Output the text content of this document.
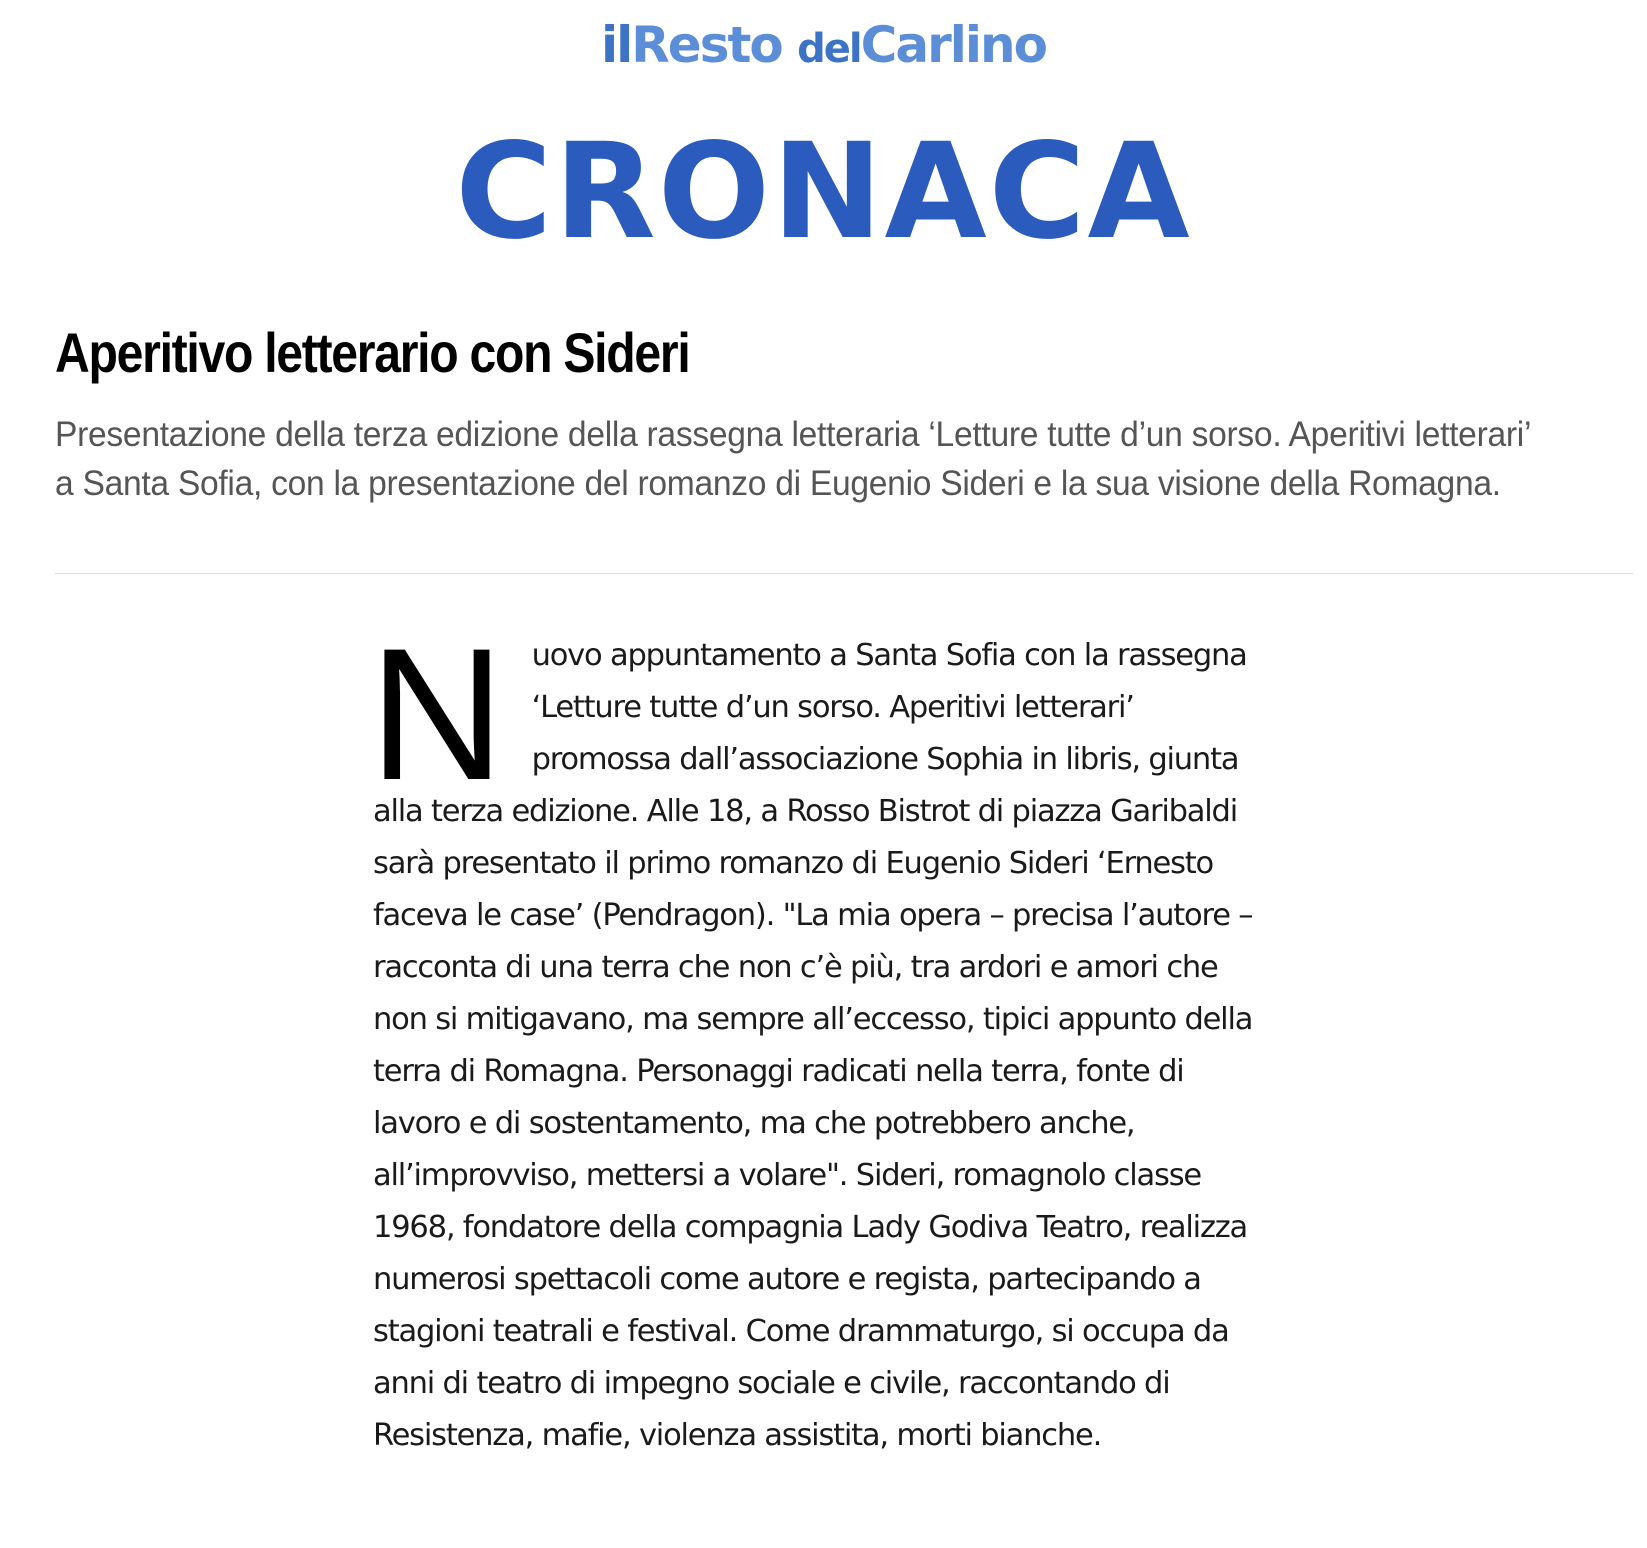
ilResto delCarlino
CRONACA
Aperitivo letterario con Sideri

Presentazione della terza edizione della rassegna letteraria ‘Letture tutte d’un sorso. Aperitivi letterari’ a Santa Sofia, con la presentazione del romanzo di Eugenio Sideri e la sua visione della Romagna.

N uovo appuntamento a Santa Sofia con la rassegna ‘Letture tutte d’un sorso. Aperitivi letterari’ promossa dall’associazione Sophia in libris, giunta alla terza edizione. Alle 18, a Rosso Bistrot di piazza Garibaldi sarà presentato il primo romanzo di Eugenio Sideri ‘Ernesto faceva le case’ (Pendragon). "La mia opera – precisa l’autore – racconta di una terra che non c’è più, tra ardori e amori che non si mitigavano, ma sempre all’eccesso, tipici appunto della terra di Romagna. Personaggi radicati nella terra, fonte di lavoro e di sostentamento, ma che potrebbero anche, all’improvviso, mettersi a volare". Sideri, romagnolo classe 1968, fondatore della compagnia Lady Godiva Teatro, realizza numerosi spettacoli come autore e regista, partecipando a stagioni teatrali e festival. Come drammaturgo, si occupa da anni di teatro di impegno sociale e civile, raccontando di Resistenza, mafie, violenza assistita, morti bianche.
